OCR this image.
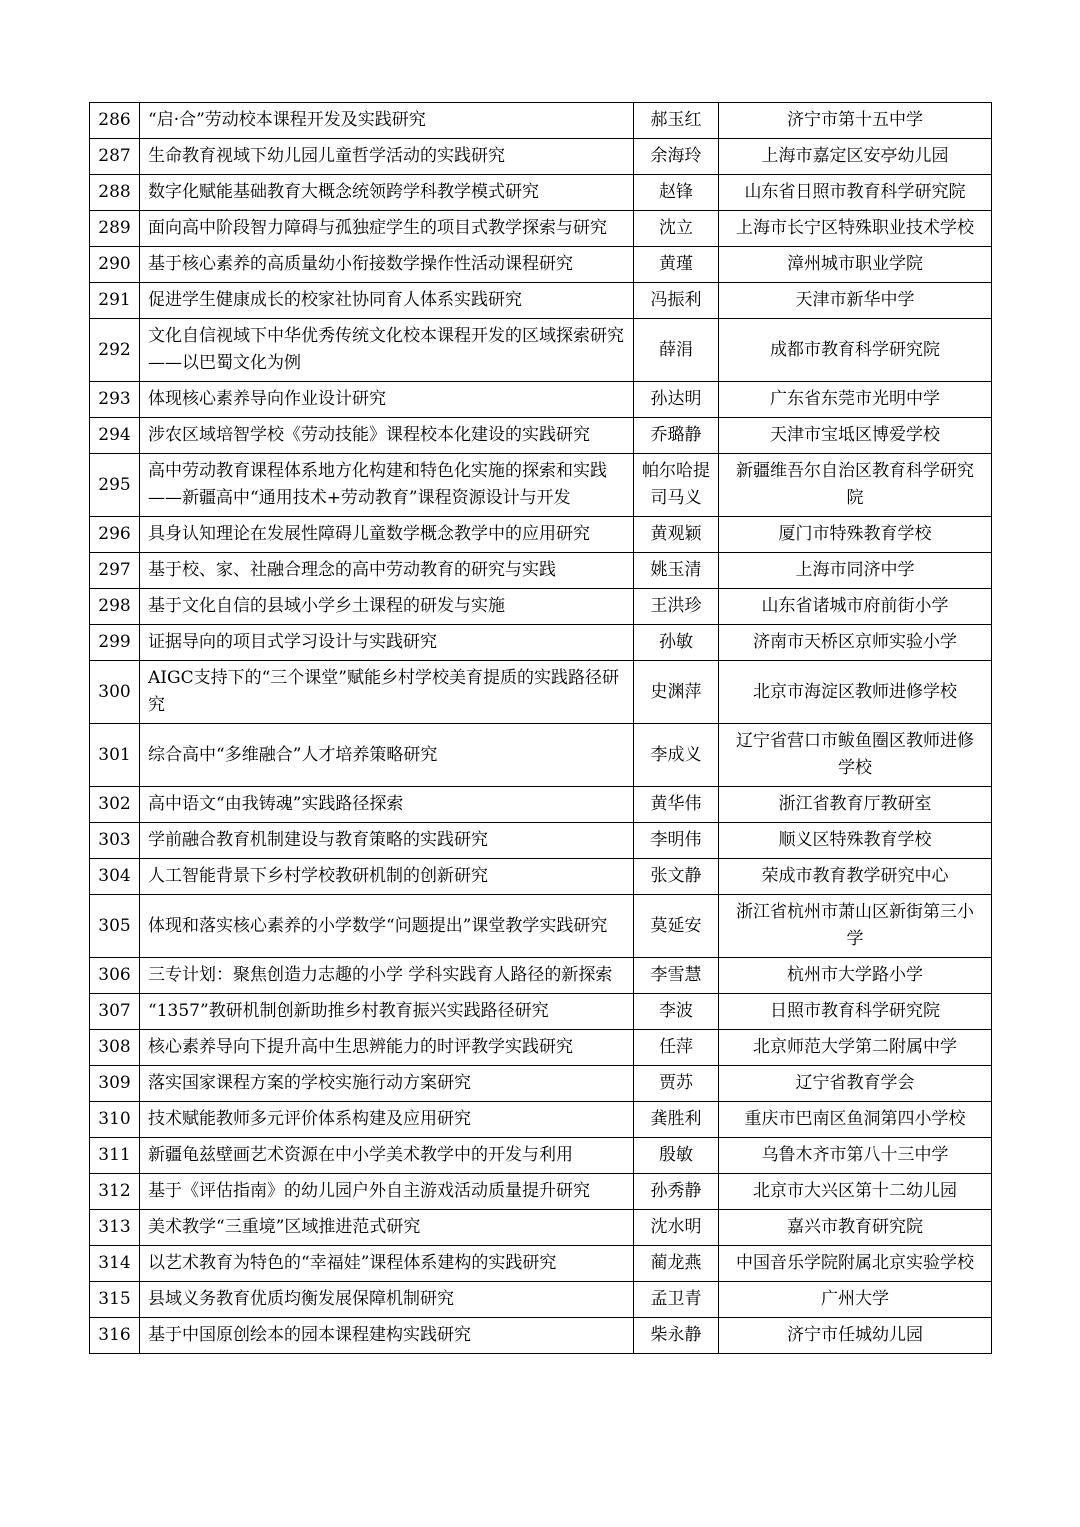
286	“启·合”劳动校本课程开发及实践研究	郝玉红	济宁市第十五中学
287	生命教育视域下幼儿园儿童哲学活动的实践研究	余海玲	上海市嘉定区安亭幼儿园
288	数字化赋能基础教育大概念统领跨学科教学模式研究	赵锋	山东省日照市教育科学研究院
289	面向高中阶段智力障碍与孤独症学生的项目式教学探索与研究	沈立	上海市长宁区特殊职业技术学校
290	基于核心素养的高质量幼小衔接数学操作性活动课程研究	黄瑾	漳州城市职业学院
291	促进学生健康成长的校家社协同育人体系实践研究	冯振利	天津市新华中学
292	文化自信视域下中华优秀传统文化校本课程开发的区域探索研究——以巴蜀文化为例	薛涓	成都市教育科学研究院
293	体现核心素养导向作业设计研究	孙达明	广东省东莞市光明中学
294	涉农区域培智学校《劳动技能》课程校本化建设的实践研究	乔璐静	天津市宝坻区博爱学校
295	高中劳动教育课程体系地方化构建和特色化实施的探索和实践——新疆高中“通用技术+劳动教育”课程资源设计与开发	帕尔哈提司马义	新疆维吾尔自治区教育科学研究院
296	具身认知理论在发展性障碍儿童数学概念教学中的应用研究	黄观颖	厦门市特殊教育学校
297	基于校、家、社融合理念的高中劳动教育的研究与实践	姚玉清	上海市同济中学
298	基于文化自信的县域小学乡土课程的研发与实施	王洪珍	山东省诸城市府前街小学
299	证据导向的项目式学习设计与实践研究	孙敏	济南市天桥区京师实验小学
300	AIGC支持下的“三个课堂”赋能乡村学校美育提质的实践路径研究	史渊萍	北京市海淀区教师进修学校
301	综合高中“多维融合”人才培养策略研究	李成义	辽宁省营口市鲅鱼圈区教师进修学校
302	高中语文“由我铸魂”实践路径探索	黄华伟	浙江省教育厅教研室
303	学前融合教育机制建设与教育策略的实践研究	李明伟	顺义区特殊教育学校
304	人工智能背景下乡村学校教研机制的创新研究	张文静	荣成市教育教学研究中心
305	体现和落实核心素养的小学数学“问题提出”课堂教学实践研究	莫延安	浙江省杭州市萧山区新街第三小学
306	三专计划：聚焦创造力志趣的小学 学科实践育人路径的新探索	李雪慧	杭州市大学路小学
307	“1357”教研机制创新助推乡村教育振兴实践路径研究	李波	日照市教育科学研究院
308	核心素养导向下提升高中生思辨能力的时评教学实践研究	任萍	北京师范大学第二附属中学
309	落实国家课程方案的学校实施行动方案研究	贾苏	辽宁省教育学会
310	技术赋能教师多元评价体系构建及应用研究	龚胜利	重庆市巴南区鱼洞第四小学校
311	新疆龟兹壁画艺术资源在中小学美术教学中的开发与利用	殷敏	乌鲁木齐市第八十三中学
312	基于《评估指南》的幼儿园户外自主游戏活动质量提升研究	孙秀静	北京市大兴区第十二幼儿园
313	美术教学“三重境”区域推进范式研究	沈水明	嘉兴市教育研究院
314	以艺术教育为特色的“幸福娃”课程体系建构的实践研究	蔺龙燕	中国音乐学院附属北京实验学校
315	县域义务教育优质均衡发展保障机制研究	孟卫青	广州大学
316	基于中国原创绘本的园本课程建构实践研究	柴永静	济宁市任城幼儿园
